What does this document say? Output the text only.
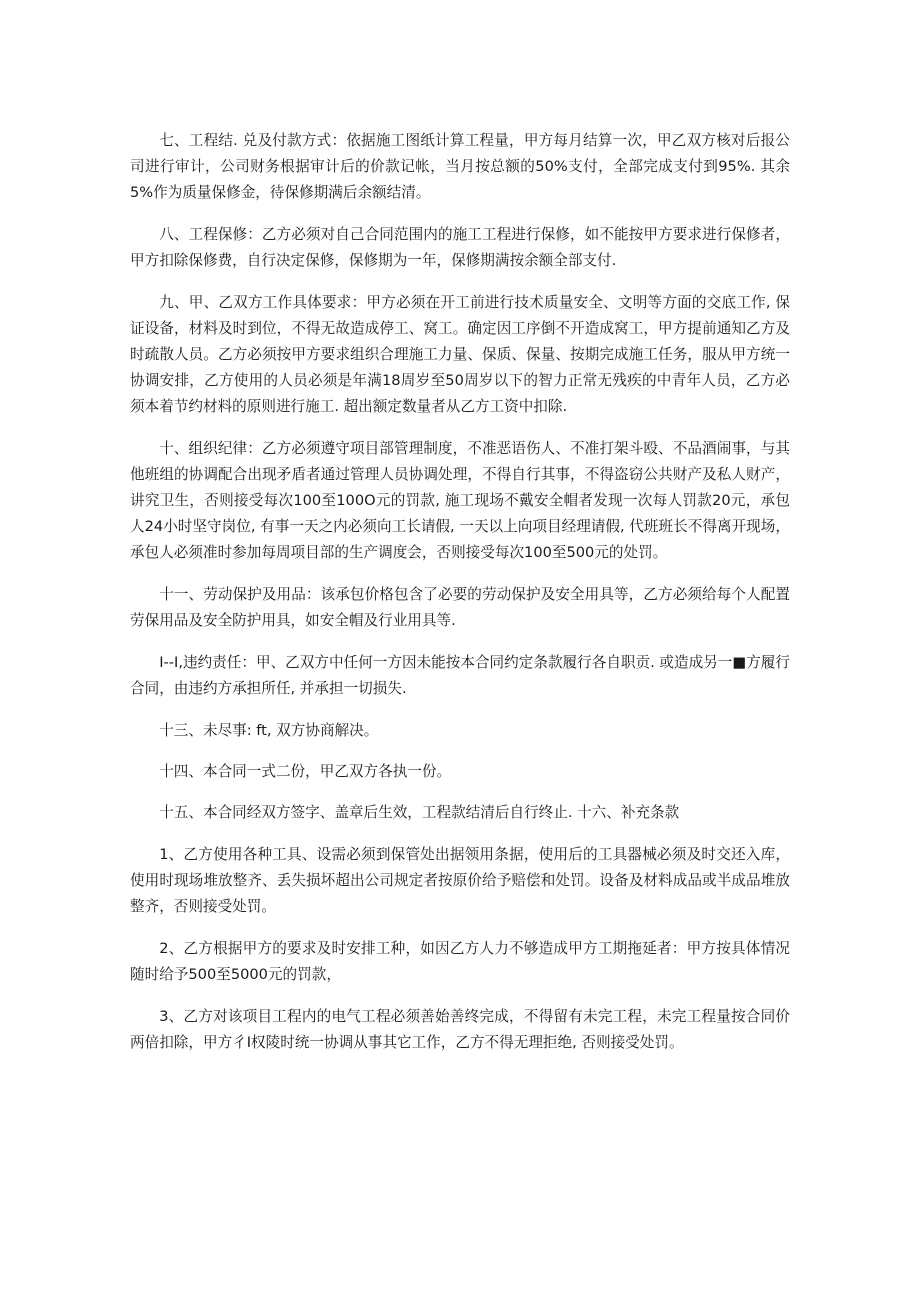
七、工程结. 兑及付款方式：依据施工图纸计算工程量，甲方每月结算一次，甲乙双方核对后报公司进行审计，公司财务根据审计后的价款记帐，当月按总额的50%支付，全部完成支付到95%. 其余5%作为质量保修金，待保修期满后余额结清。

八、工程保修：乙方必须对自己合同范围内的施工工程进行保修，如不能按甲方要求进行保修者，甲方扣除保修费，自行决定保修，保修期为一年，保修期满按余额全部支付.

九、甲、乙双方工作具体要求：甲方必须在开工前进行技术质量安全、文明等方面的交底工作, 保证设备，材料及时到位，不得无故造成停工、窝工。确定因工序倒不开造成窝工，甲方提前通知乙方及时疏散人员。乙方必须按甲方要求组织合理施工力量、保质、保量、按期完成施工任务，服从甲方统一协调安排，乙方使用的人员必须是年满18周岁至50周岁以下的智力正常无残疾的中青年人员，乙方必须本着节约材料的原则进行施工. 超出额定数量者从乙方工资中扣除.

十、组织纪律：乙方必须遵守项目部管理制度，不准恶语伤人、不准打架斗殴、不品酒闹事，与其他班组的协调配合出现矛盾者通过管理人员协调处理，不得自行其事，不得盗窃公共财产及私人财产，讲究卫生，否则接受每次100至100O元的罚款, 施工现场不戴安全帽者发现一次每人罚款20元，承包人24小时坚守岗位, 有事一天之内必须向工长请假, 一天以上向项目经理请假, 代班班长不得离开现场，承包人必须准时参加每周项目部的生产调度会，否则接受每次100至500元的处罚。

十一、劳动保护及用品：该承包价格包含了必要的劳动保护及安全用具等，乙方必须给每个人配置劳保用品及安全防护用具，如安全帽及行业用具等.

I--I,违约责任：甲、乙双方中任何一方因未能按本合同约定条款履行各自职贡. 或造成另一■方履行合同，由违约方承担所任, 并承担一切损失.

十三、未尽事: ft, 双方协商解决。

十四、本合同一式二份，甲乙双方各执一份。

十五、本合同经双方签字、盖章后生效，工程款结清后自行终止. 十六、补充条款

1、乙方使用各种工具、设需必须到保管处出据领用条据，使用后的工具器械必须及时交还入库，使用时现场堆放整齐、丢失损坏超出公司规定者按原价给予赔偿和处罚。设备及材料成品或半成品堆放整齐，否则接受处罚。

2、乙方根据甲方的要求及时安排工种，如因乙方人力不够造成甲方工期拖延者：甲方按具体情况随时给予500至5000元的罚款，

3、乙方对该项目工程内的电气工程必须善始善终完成，不得留有未完工程，未完工程量按合同价两倍扣除，甲方彳I权陵时统一协调从事其它工作，乙方不得无理拒绝, 否则接受处罚。
